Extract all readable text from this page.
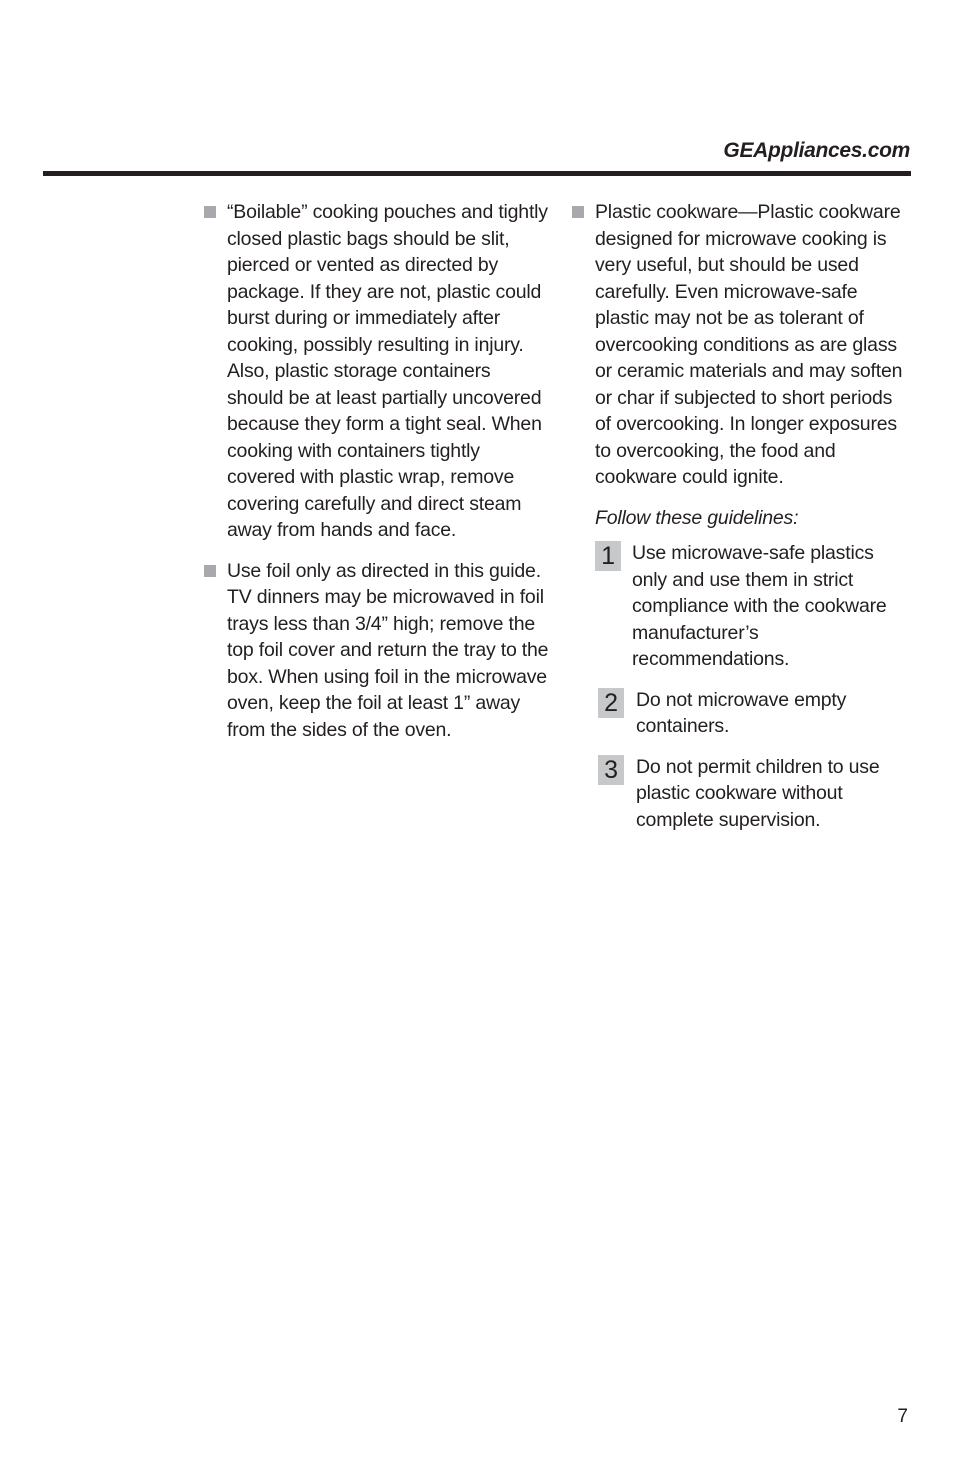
GEAppliances.com
“Boilable” cooking pouches and tightly closed plastic bags should be slit, pierced or vented as directed by package. If they are not, plastic could burst during or immediately after cooking, possibly resulting in injury. Also, plastic storage containers should be at least partially uncovered because they form a tight seal. When cooking with containers tightly covered with plastic wrap, remove covering carefully and direct steam away from hands and face.
Use foil only as directed in this guide. TV dinners may be microwaved in foil trays less than 3/4” high; remove the top foil cover and return the tray to the box. When using foil in the microwave oven, keep the foil at least 1” away from the sides of the oven.
Plastic cookware—Plastic cookware designed for microwave cooking is very useful, but should be used carefully. Even microwave-safe plastic may not be as tolerant of overcooking conditions as are glass or ceramic materials and may soften or char if subjected to short periods of overcooking. In longer exposures to overcooking, the food and cookware could ignite.
Follow these guidelines:
1 Use microwave-safe plastics only and use them in strict compliance with the cookware manufacturer’s recommendations.
2 Do not microwave empty containers.
3 Do not permit children to use plastic cookware without complete supervision.
7
